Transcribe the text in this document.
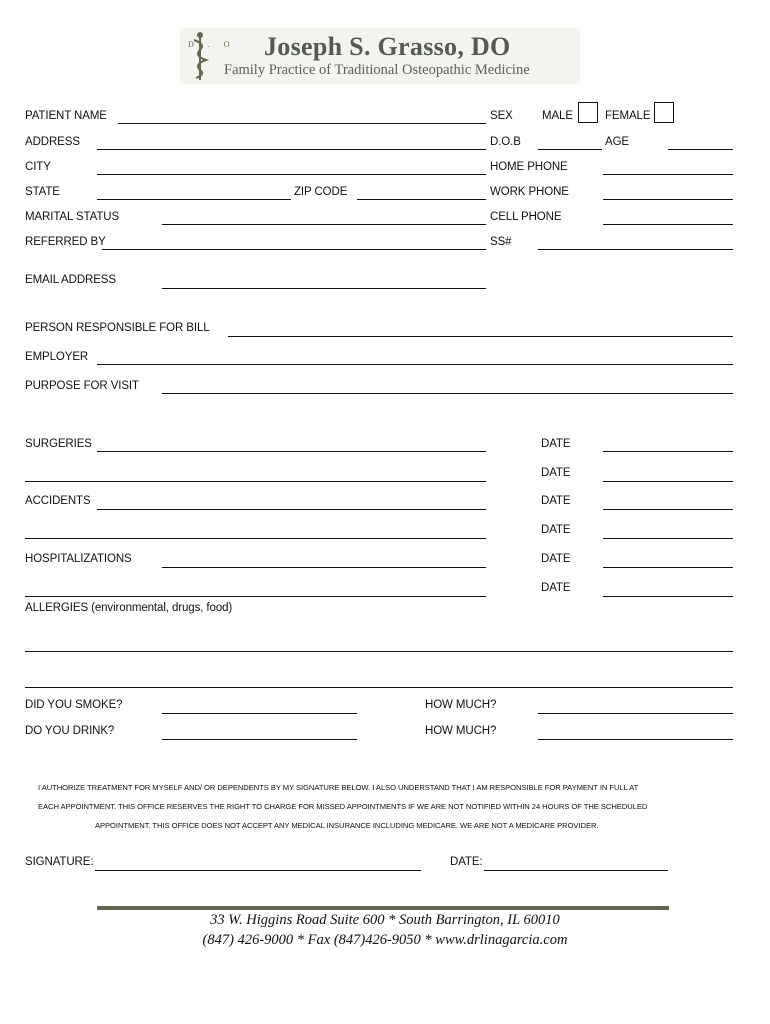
D.O Joseph S. Grasso, DO
Family Practice of Traditional Osteopathic Medicine
PATIENT NAME	SEX	MALE	FEMALE
ADDRESS	D.O.B	AGE
CITY	HOME PHONE
STATE	ZIP CODE	WORK PHONE
MARITAL STATUS	CELL PHONE
REFERRED BY	SS#
EMAIL ADDRESS
PERSON RESPONSIBLE FOR BILL
EMPLOYER
PURPOSE FOR VISIT
SURGERIES	DATE
DATE
ACCIDENTS	DATE
DATE
HOSPITALIZATIONS	DATE
DATE
ALLERGIES (environmental, drugs, food)
DID YOU SMOKE?	HOW MUCH?
DO YOU DRINK?	HOW MUCH?
I AUTHORIZE TREATMENT FOR MYSELF AND/ OR DEPENDENTS BY MY SIGNATURE BELOW. I ALSO UNDERSTAND THAT I AM RESPONSIBLE FOR PAYMENT IN FULL AT
EACH APPOINTMENT. THIS OFFICE RESERVES THE RIGHT TO CHARGE FOR MISSED APPOINTMENTS IF WE ARE NOT NOTIFIED WITHIN 24 HOURS OF THE SCHEDULED
APPOINTMENT. THIS OFFICE DOES NOT ACCEPT ANY MEDICAL INSURANCE INCLUDING MEDICARE. WE ARE NOT A MEDICARE PROVIDER.
SIGNATURE:	DATE:
33 W. Higgins Road Suite 600 * South Barrington, IL 60010
(847) 426-9000 * Fax (847)426-9050 * www.drlinagarcia.com
